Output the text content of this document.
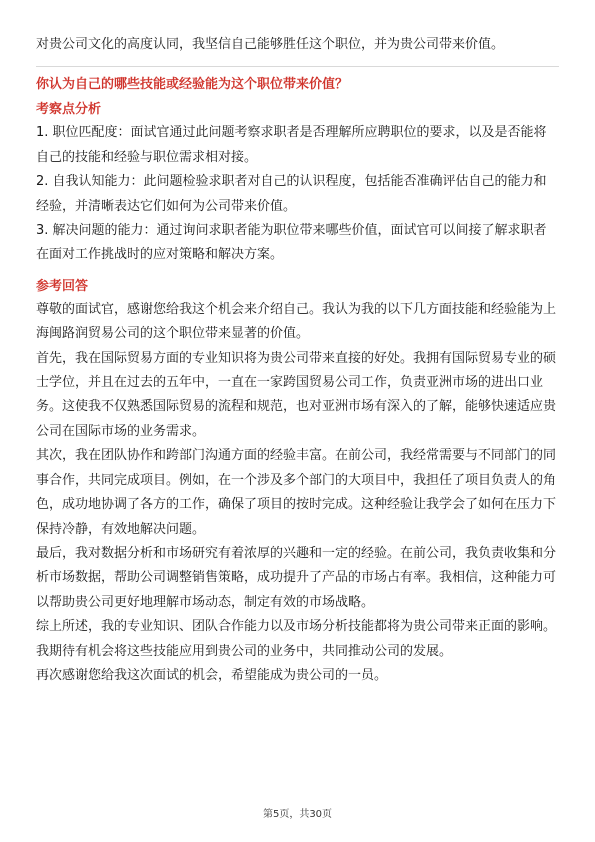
对贵公司文化的高度认同，我坚信自己能够胜任这个职位，并为贵公司带来价值。

你认为自己的哪些技能或经验能为这个职位带来价值？

考察点分析

1. 职位匹配度：面试官通过此问题考察求职者是否理解所应聘职位的要求，以及是否能将自己的技能和经验与职位需求相对接。

2. 自我认知能力：此问题检验求职者对自己的认识程度，包括能否准确评估自己的能力和经验，并清晰表达它们如何为公司带来价值。

3. 解决问题的能力：通过询问求职者能为职位带来哪些价值，面试官可以间接了解求职者在面对工作挑战时的应对策略和解决方案。

参考回答

尊敬的面试官，感谢您给我这个机会来介绍自己。我认为我的以下几方面技能和经验能为上海闽路润贸易公司的这个职位带来显著的价值。

首先，我在国际贸易方面的专业知识将为贵公司带来直接的好处。我拥有国际贸易专业的硕士学位，并且在过去的五年中，一直在一家跨国贸易公司工作，负责亚洲市场的进出口业务。这使我不仅熟悉国际贸易的流程和规范，也对亚洲市场有深入的了解，能够快速适应贵公司在国际市场的业务需求。

其次，我在团队协作和跨部门沟通方面的经验丰富。在前公司，我经常需要与不同部门的同事合作，共同完成项目。例如，在一个涉及多个部门的大项目中，我担任了项目负责人的角色，成功地协调了各方的工作，确保了项目的按时完成。这种经验让我学会了如何在压力下保持冷静，有效地解决问题。

最后，我对数据分析和市场研究有着浓厚的兴趣和一定的经验。在前公司，我负责收集和分析市场数据，帮助公司调整销售策略，成功提升了产品的市场占有率。我相信，这种能力可以帮助贵公司更好地理解市场动态，制定有效的市场战略。

综上所述，我的专业知识、团队合作能力以及市场分析技能都将为贵公司带来正面的影响。我期待有机会将这些技能应用到贵公司的业务中，共同推动公司的发展。

再次感谢您给我这次面试的机会，希望能成为贵公司的一员。

第5页，共30页
